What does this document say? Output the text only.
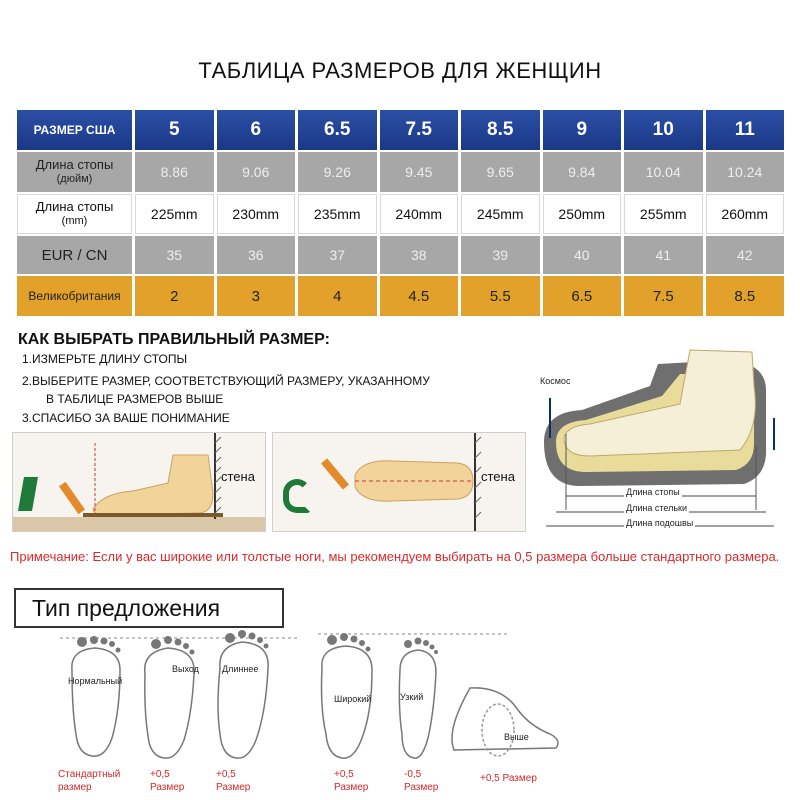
ТАБЛИЦА РАЗМЕРОВ ДЛЯ ЖЕНЩИН
РАЗМЕР США	5	6	6.5	7.5	8.5	9	10	11

Длина стопы
(дюйм)	8.86	9.06	9.26	9.45	9.65	9.84	10.04	10.24

Длина стопы
(mm)	225mm	230mm	235mm	240mm	245mm	250mm	255mm	260mm
EUR / CN	35	36	37	38	39	40	41	42
Великобритания	2	3	4	4.5	5.5	6.5	7.5	8.5
КАК ВЫБРАТЬ ПРАВИЛЬНЫЙ РАЗМЕР:
1.ИЗМЕРЬТЕ ДЛИНУ СТОПЫ
2.ВЫБЕРИТЕ РАЗМЕР, СООТВЕТСТВУЮЩИЙ РАЗМЕРУ, УКАЗАННОМУ
В ТАБЛИЦЕ РАЗМЕРОВ ВЫШЕ
3.СПАСИБО ЗА ВАШЕ ПОНИМАНИЕ
стена	стена
Космос
Длина стопы
Длина стельки
Длина подошвы
Примечание: Если у вас широкие или толстые ноги, мы рекомендуем выбирать на 0,5 размера больше стандартного размера.
Тип предложения
Нормальный
Выход	Длиннее
Широкий	Узкий
Выше
Стандартный
размер
+0,5
Размер
+0,5
Размер
+0,5
Размер
-0,5
Размер
+0,5 Размер
